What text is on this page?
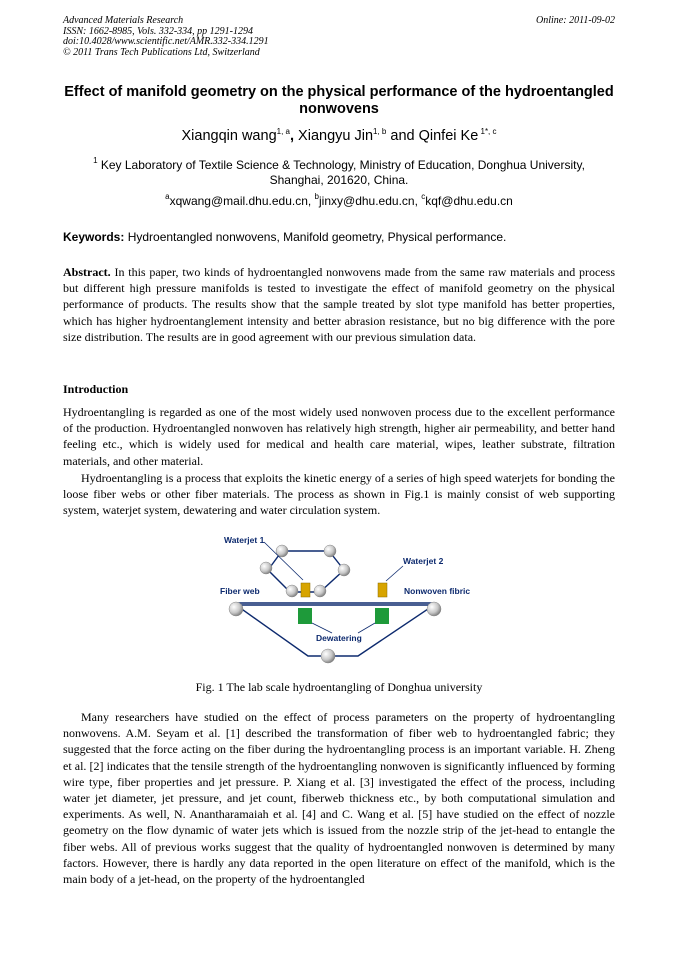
Advanced Materials Research
ISSN: 1662-8985, Vols. 332-334, pp 1291-1294
doi:10.4028/www.scientific.net/AMR.332-334.1291
© 2011 Trans Tech Publications Ltd, Switzerland
Online: 2011-09-02
Effect of manifold geometry on the physical performance of the hydroentangled nonwovens
Xiangqin wang$^{1, a}$, Xiangyu Jin$^{1, b}$ and Qinfei Ke $^{1*, c}$
$^1$ Key Laboratory of Textile Science & Technology, Ministry of Education, Donghua University, Shanghai, 201620, China.
$^a$xqwang@mail.dhu.edu.cn, $^b$jinxy@dhu.edu.cn, $^c$kqf@dhu.edu.cn
Keywords: Hydroentangled nonwovens, Manifold geometry, Physical performance.
Abstract. In this paper, two kinds of hydroentangled nonwovens made from the same raw materials and process but different high pressure manifolds is tested to investigate the effect of manifold geometry on the physical performance of products. The results show that the sample treated by slot type manifold has better properties, which has higher hydroentanglement intensity and better abrasion resistance, but no big difference with the pore size distribution. The results are in good agreement with our previous simulation data.
Introduction
Hydroentangling is regarded as one of the most widely used nonwoven process due to the excellent performance of the production. Hydroentangled nonwoven has relatively high strength, higher air permeability, and better hand feeling etc., which is widely used for medical and health care material, wipes, leather substrate, filtration materials, and other material.
Hydroentangling is a process that exploits the kinetic energy of a series of high speed waterjets for bonding the loose fiber webs or other fiber materials. The process as shown in Fig.1 is mainly consist of web supporting system, waterjet system, dewatering and water circulation system.
Waterjet 1
Waterjet 2
Fiber web	Nonwoven fibric
Dewatering
Fig. 1 The lab scale hydroentangling of Donghua university
Many researchers have studied on the effect of process parameters on the property of hydroentangling nonwovens. A.M. Seyam et al. [1] described the transformation of fiber web to hydroentangled fabric; they suggested that the force acting on the fiber during the hydroentangling process is an important variable. H. Zheng et al. [2] indicates that the tensile strength of the hydroentangling nonwoven is significantly influenced by forming wire type, fiber properties and jet pressure. P. Xiang et al. [3] investigated the effect of the process, including water jet diameter, jet pressure, and jet count, fiberweb thickness etc., by both computational simulation and experiments. As well, N. Anantharamaiah et al. [4] and C. Wang et al. [5] have studied on the effect of nozzle geometry on the flow dynamic of water jets which is issued from the nozzle strip of the jet-head to entangle the fiber webs. All of previous works suggest that the quality of hydroentangled nonwoven is determined by many factors. However, there is hardly any data reported in the open literature on effect of the manifold, which is the main body of a jet-head, on the property of the hydroentangled
